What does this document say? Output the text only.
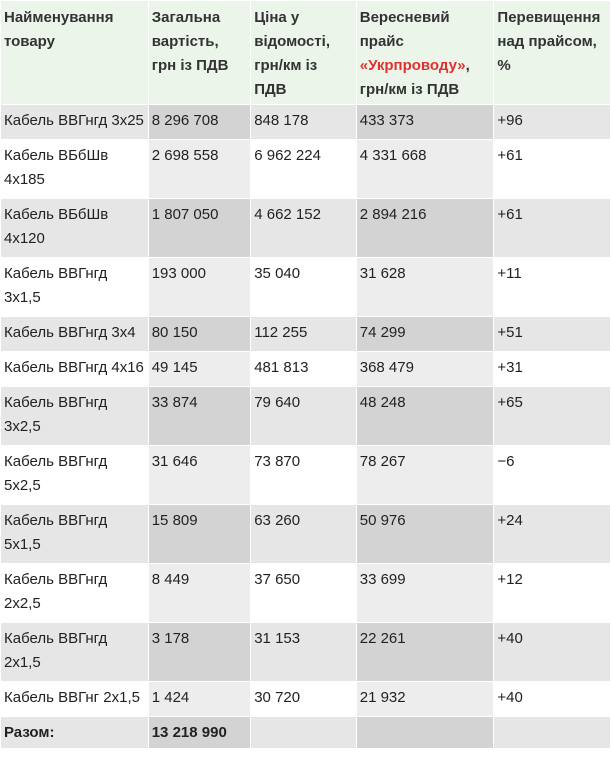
Найменування товару	Загальна вартість, грн із ПДВ	Ціна у відомості, грн/км із ПДВ	Вересневий прайс «Укрпроводу», грн/км із ПДВ	Перевищення над прайсом, %
Кабель ВВГнгд 3х25	8 296 708	848 178	433 373	+96
Кабель ВБбШв 4х185	2 698 558	6 962 224	4 331 668	+61
Кабель ВБбШв 4х120	1 807 050	4 662 152	2 894 216	+61
Кабель ВВГнгд 3х1,5	193 000	35 040	31 628	+11
Кабель ВВГнгд 3х4	80 150	112 255	74 299	+51
Кабель ВВГнгд 4х16	49 145	481 813	368 479	+31
Кабель ВВГнгд 3х2,5	33 874	79 640	48 248	+65
Кабель ВВГнгд 5х2,5	31 646	73 870	78 267	−6
Кабель ВВГнгд 5х1,5	15 809	63 260	50 976	+24
Кабель ВВГнгд 2х2,5	8 449	37 650	33 699	+12
Кабель ВВГнгд 2х1,5	3 178	31 153	22 261	+40
Кабель ВВГнг 2х1,5	1 424	30 720	21 932	+40
Разом:	13 218 990			
